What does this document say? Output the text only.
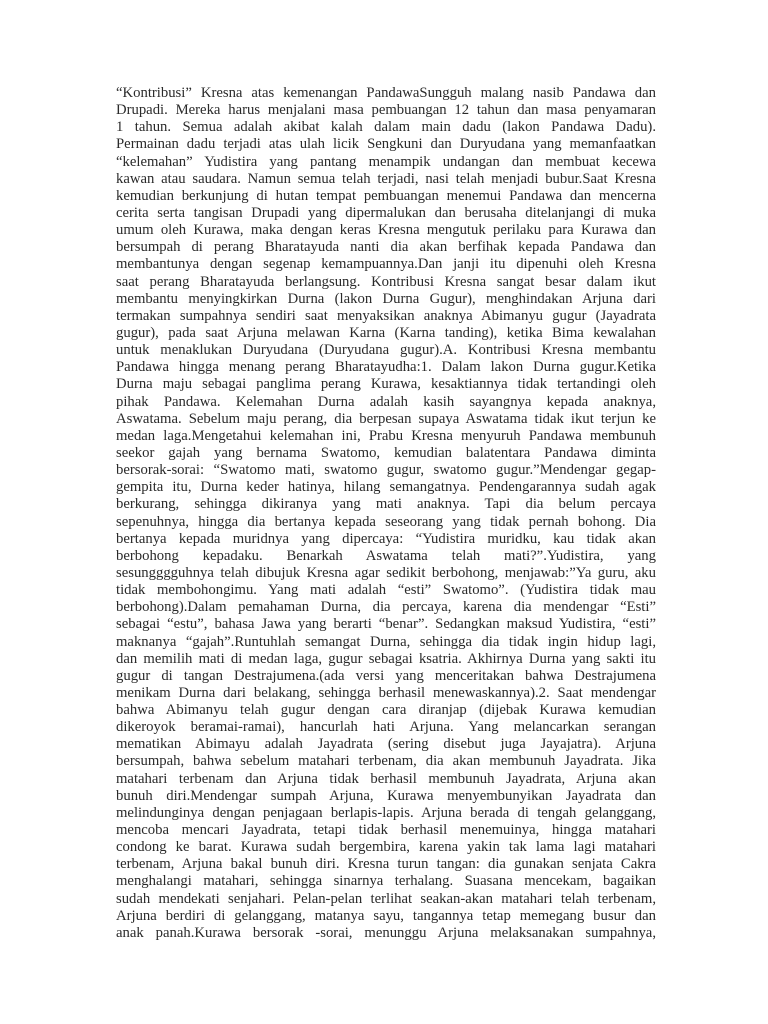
“Kontribusi” Kresna atas kemenangan PandawaSungguh malang nasib Pandawa dan
Drupadi. Mereka harus menjalani masa pembuangan 12 tahun dan masa penyamaran
1 tahun. Semua adalah akibat kalah dalam main dadu (lakon Pandawa Dadu).
Permainan dadu terjadi atas ulah licik Sengkuni dan Duryudana yang memanfaatkan
“kelemahan” Yudistira yang pantang menampik undangan dan membuat kecewa
kawan atau saudara. Namun semua telah terjadi, nasi telah menjadi bubur.Saat Kresna
kemudian berkunjung di hutan tempat pembuangan menemui Pandawa dan mencerna
cerita serta tangisan Drupadi yang dipermalukan dan berusaha ditelanjangi di muka
umum oleh Kurawa, maka dengan keras Kresna mengutuk perilaku para Kurawa dan
bersumpah di perang Bharatayuda nanti dia akan berfihak kepada Pandawa dan
membantunya dengan segenap kemampuannya.Dan janji itu dipenuhi oleh Kresna
saat perang Bharatayuda berlangsung. Kontribusi Kresna sangat besar dalam ikut
membantu menyingkirkan Durna (lakon Durna Gugur), menghindakan Arjuna dari
termakan sumpahnya sendiri saat menyaksikan anaknya Abimanyu gugur (Jayadrata
gugur), pada saat Arjuna melawan Karna (Karna tanding), ketika Bima kewalahan
untuk menaklukan Duryudana (Duryudana gugur).A. Kontribusi Kresna membantu
Pandawa hingga menang perang Bharatayudha:1. Dalam lakon Durna gugur.Ketika
Durna maju sebagai panglima perang Kurawa, kesaktiannya tidak tertandingi oleh
pihak Pandawa. Kelemahan Durna adalah kasih sayangnya kepada anaknya,
Aswatama. Sebelum maju perang, dia berpesan supaya Aswatama tidak ikut terjun ke
medan laga.Mengetahui kelemahan ini, Prabu Kresna menyuruh Pandawa membunuh
seekor gajah yang bernama Swatomo, kemudian balatentara Pandawa diminta
bersorak-sorai: “Swatomo mati, swatomo gugur, swatomo gugur.”Mendengar gegap-
gempita itu, Durna keder hatinya, hilang semangatnya. Pendengarannya sudah agak
berkurang, sehingga dikiranya yang mati anaknya. Tapi dia belum percaya
sepenuhnya, hingga dia bertanya kepada seseorang yang tidak pernah bohong. Dia
bertanya kepada muridnya yang dipercaya: “Yudistira muridku, kau tidak akan
berbohong kepadaku. Benarkah Aswatama telah mati?”.Yudistira, yang
sesungggguhnya telah dibujuk Kresna agar sedikit berbohong, menjawab:”Ya guru, aku
tidak membohongimu. Yang mati adalah “esti” Swatomo”. (Yudistira tidak mau
berbohong).Dalam pemahaman Durna, dia percaya, karena dia mendengar “Esti”
sebagai “estu”, bahasa Jawa yang berarti “benar”. Sedangkan maksud Yudistira, “esti”
maknanya “gajah”.Runtuhlah semangat Durna, sehingga dia tidak ingin hidup lagi,
dan memilih mati di medan laga, gugur sebagai ksatria. Akhirnya Durna yang sakti itu
gugur di tangan Destrajumena.(ada versi yang menceritakan bahwa Destrajumena
menikam Durna dari belakang, sehingga berhasil menewaskannya).2. Saat mendengar
bahwa Abimanyu telah gugur dengan cara diranjap (dijebak Kurawa kemudian
dikeroyok beramai-ramai), hancurlah hati Arjuna. Yang melancarkan serangan
mematikan Abimayu adalah Jayadrata (sering disebut juga Jayajatra). Arjuna
bersumpah, bahwa sebelum matahari terbenam, dia akan membunuh Jayadrata. Jika
matahari terbenam dan Arjuna tidak berhasil membunuh Jayadrata, Arjuna akan
bunuh diri.Mendengar sumpah Arjuna, Kurawa menyembunyikan Jayadrata dan
melindunginya dengan penjagaan berlapis-lapis. Arjuna berada di tengah gelanggang,
mencoba mencari Jayadrata, tetapi tidak berhasil menemuinya, hingga matahari
condong ke barat. Kurawa sudah bergembira, karena yakin tak lama lagi matahari
terbenam, Arjuna bakal bunuh diri. Kresna turun tangan: dia gunakan senjata Cakra
menghalangi matahari, sehingga sinarnya terhalang. Suasana mencekam, bagaikan
sudah mendekati senjahari. Pelan-pelan terlihat seakan-akan matahari telah terbenam,
Arjuna berdiri di gelanggang, matanya sayu, tangannya tetap memegang busur dan
anak panah.Kurawa bersorak -sorai, menunggu Arjuna melaksanakan sumpahnya,
